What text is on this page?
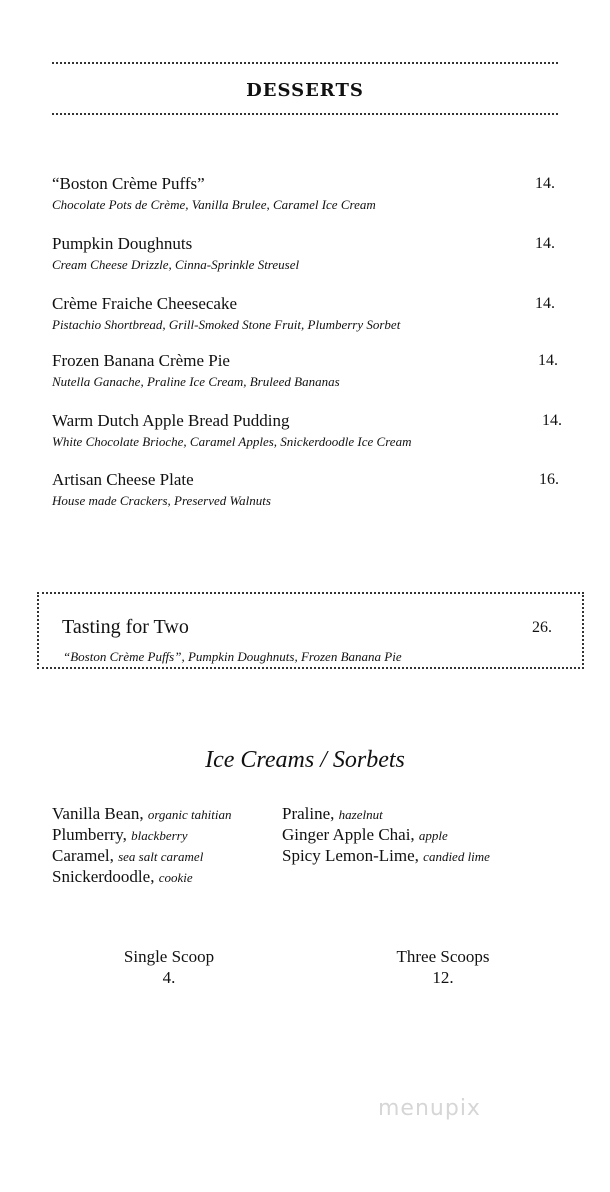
DESSERTS
“Boston Crème Puffs”
Chocolate Pots de Crème, Vanilla Brulee, Caramel Ice Cream
14.
Pumpkin Doughnuts
Cream Cheese Drizzle, Cinna-Sprinkle Streusel
14.
Crème Fraiche Cheesecake
Pistachio Shortbread, Grill-Smoked Stone Fruit, Plumberry Sorbet
14.
Frozen Banana Crème Pie
Nutella Ganache, Praline Ice Cream, Bruleed Bananas
14.
Warm Dutch Apple Bread Pudding
White Chocolate Brioche, Caramel Apples, Snickerdoodle Ice Cream
14.
Artisan Cheese Plate
House made Crackers, Preserved Walnuts
16.
Tasting for Two	26.
“Boston Crème Puffs”, Pumpkin Doughnuts, Frozen Banana Pie
Ice Creams / Sorbets
Vanilla Bean, organic tahitian
Plumberry, blackberry
Caramel, sea salt caramel
Snickerdoodle, cookie
Praline, hazelnut
Ginger Apple Chai, apple
Spicy Lemon-Lime, candied lime
Single Scoop
4.
Three Scoops
12.
menupix
